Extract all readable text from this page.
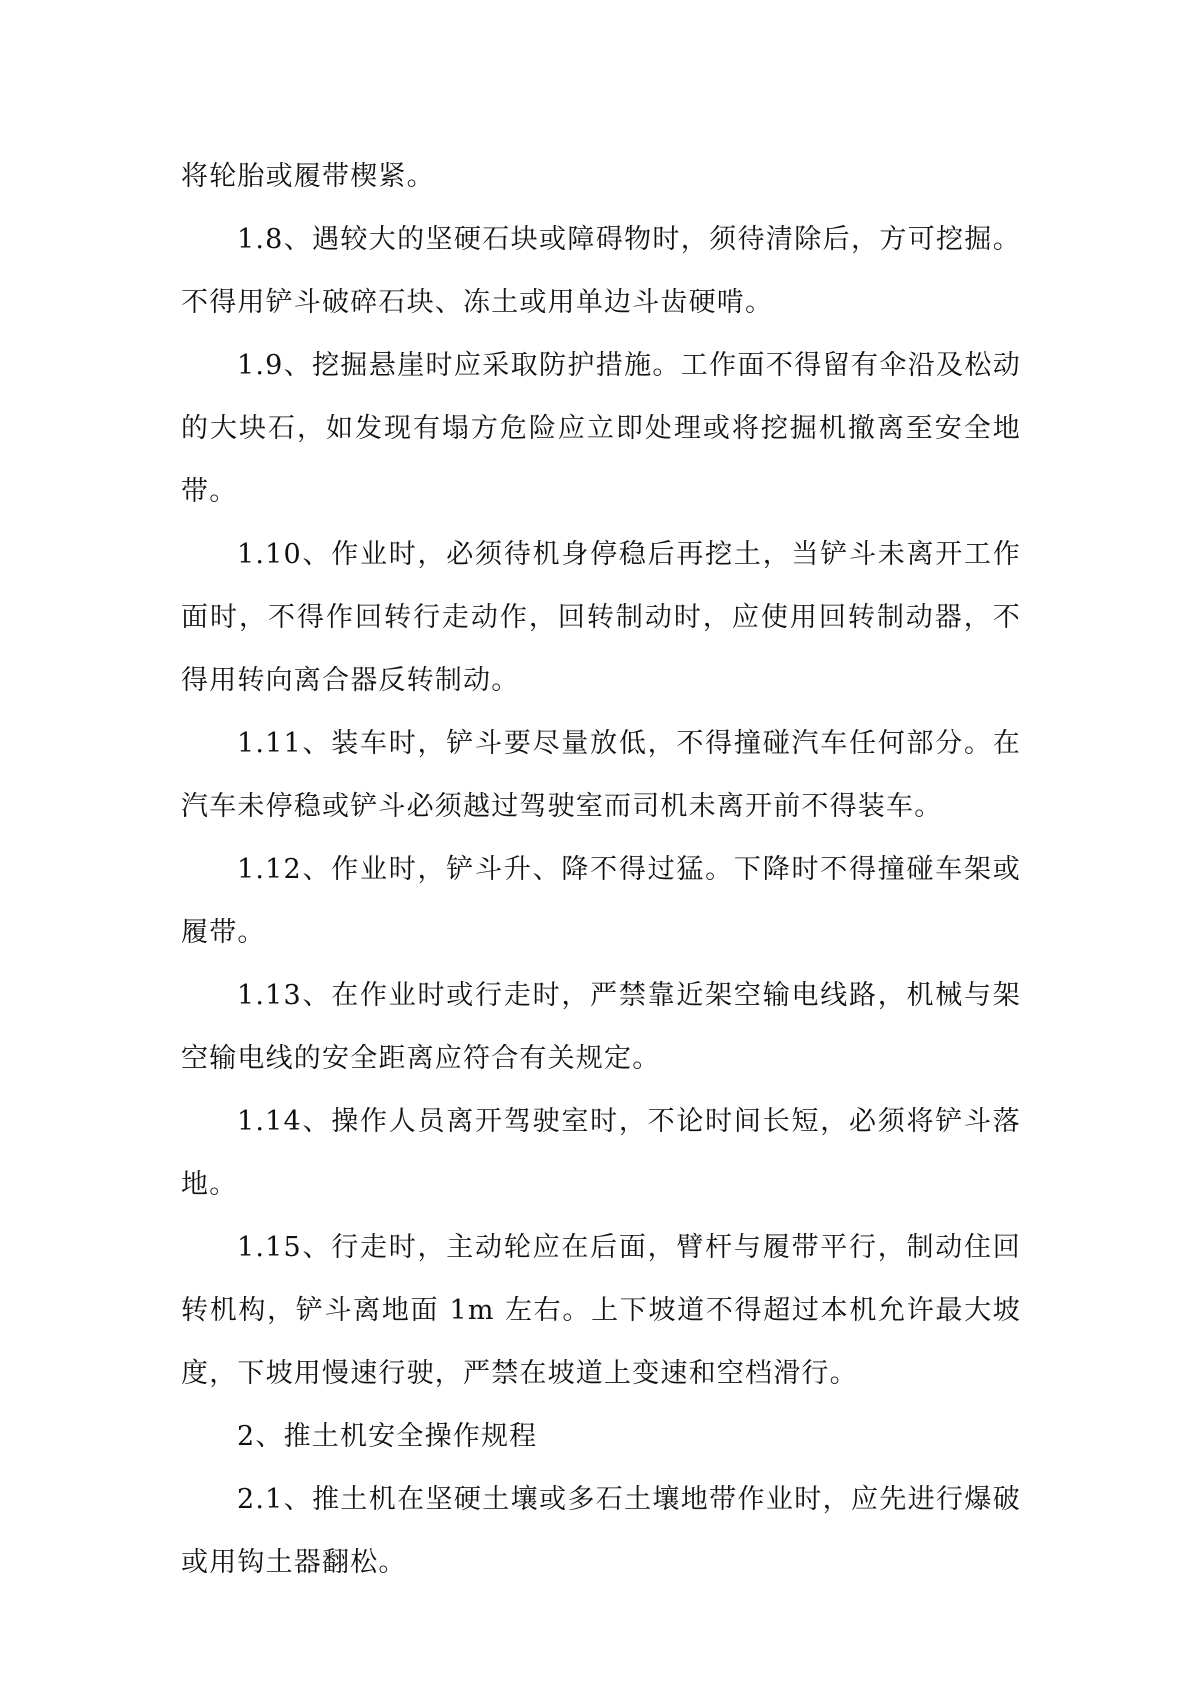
将轮胎或履带楔紧。

1.8、遇较大的坚硬石块或障碍物时，须待清除后，方可挖掘。不得用铲斗破碎石块、冻土或用单边斗齿硬啃。

1.9、挖掘悬崖时应采取防护措施。工作面不得留有伞沿及松动的大块石，如发现有塌方危险应立即处理或将挖掘机撤离至安全地带。

1.10、作业时，必须待机身停稳后再挖土，当铲斗未离开工作面时，不得作回转行走动作，回转制动时，应使用回转制动器，不得用转向离合器反转制动。

1.11、装车时，铲斗要尽量放低，不得撞碰汽车任何部分。在汽车未停稳或铲斗必须越过驾驶室而司机未离开前不得装车。

1.12、作业时，铲斗升、降不得过猛。下降时不得撞碰车架或履带。

1.13、在作业时或行走时，严禁靠近架空输电线路，机械与架空输电线的安全距离应符合有关规定。

1.14、操作人员离开驾驶室时，不论时间长短，必须将铲斗落地。

1.15、行走时，主动轮应在后面，臂杆与履带平行，制动住回转机构，铲斗离地面 1m 左右。上下坡道不得超过本机允许最大坡度，下坡用慢速行驶，严禁在坡道上变速和空档滑行。

2、推土机安全操作规程

2.1、推土机在坚硬土壤或多石土壤地带作业时，应先进行爆破或用钩土器翻松。
